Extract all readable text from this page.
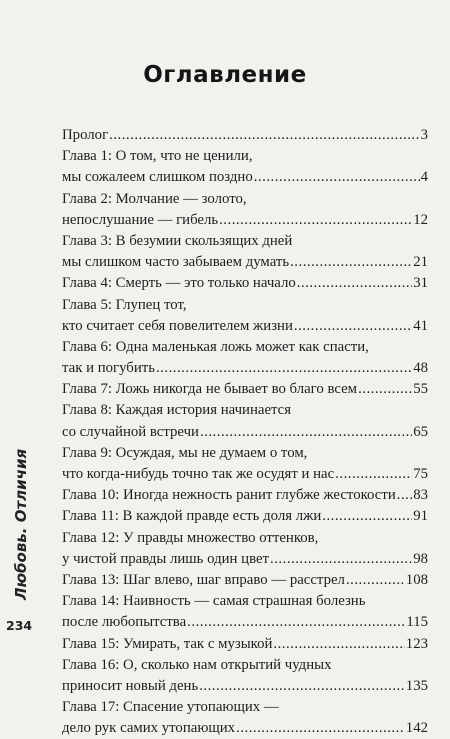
Оглавление
Пролог . . .	3
Глава 1: О том, что не ценили,
мы сожалеем слишком поздно . . .	4
Глава 2: Молчание — золото,
непослушание — гибель . . .	12
Глава 3: В безумии скользящих дней
мы слишком часто забываем думать . . .	21
Глава 4: Смерть — это только начало . . .	31
Глава 5: Глупец тот,
кто считает себя повелителем жизни . . .	41
Глава 6: Одна маленькая ложь может как спасти,
так и погубить . . .	48
Глава 7: Ложь никогда не бывает во благо всем . . .	55
Глава 8: Каждая история начинается
со случайной встречи . . .	65
Глава 9: Осуждая, мы не думаем о том,
что когда-нибудь точно так же осудят и нас . . .	75
Глава 10: Иногда нежность ранит глубже жестокости . . . 83
Глава 11: В каждой правде есть доля лжи . . .	91
Глава 12: У правды множество оттенков,
у чистой правды лишь один цвет . . .	98
Глава 13: Шаг влево, шаг вправо — расстрел . . .	108
Глава 14: Наивность — самая страшная болезнь
после любопытства . . .	115
Глава 15: Умирать, так с музыкой . . .	123
Глава 16: О, сколько нам открытий чудных
приносит новый день . . .	135
Глава 17: Спасение утопающих —
дело рук самих утопающих . . .	142
Любовь. Отличия
234
